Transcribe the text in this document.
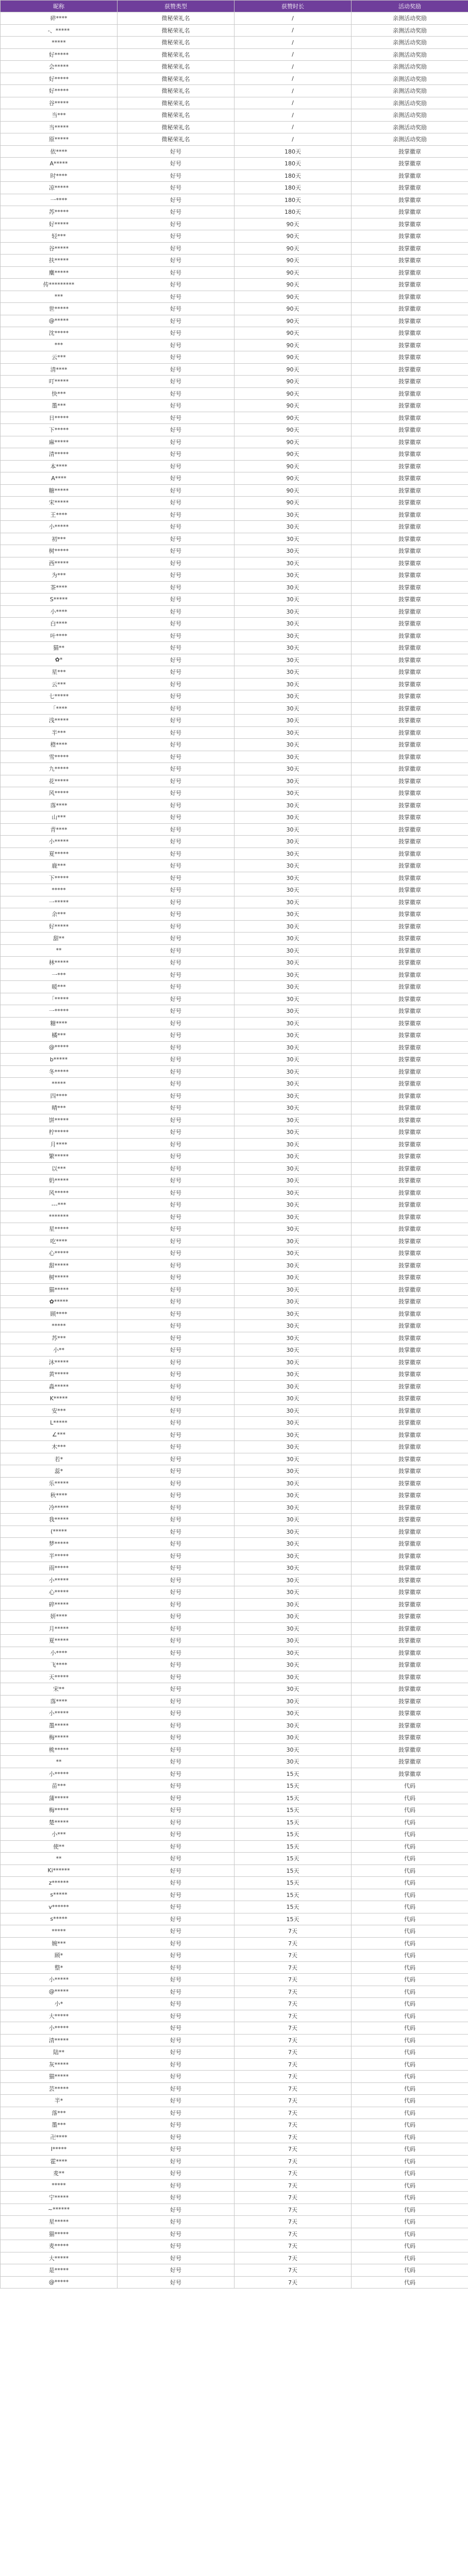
昵称	获赞类型	获赞时长	活动奖励
碎****	微秘荣礼名	/	亲测活动奖励
-、*****	微秘荣礼名	/	亲测活动奖励
*****	微秘荣礼名	/	亲测活动奖励
好*****	微秘荣礼名	/	亲测活动奖励
会*****	微秘荣礼名	/	亲测活动奖励
好*****	微秘荣礼名	/	亲测活动奖励
好*****	微秘荣礼名	/	亲测活动奖励
谷*****	微秘荣礼名	/	亲测活动奖励
当***	微秘荣礼名	/	亲测活动奖励
当*****	微秘荣礼名	/	亲测活动奖励
原*****	微秘荣礼名	/	亲测活动奖励
依****	好号	180天	鼓掌徽章
A*****	好号	180天	鼓掌徽章
时****	好号	180天	鼓掌徽章
凉*****	好号	180天	鼓掌徽章
一****	好号	180天	鼓掌徽章
苏*****	好号	180天	鼓掌徽章
好*****	好号	90天	鼓掌徽章
轻***	好号	90天	鼓掌徽章
谷*****	好号	90天	鼓掌徽章
扶*****	好号	90天	鼓掌徽章
麋*****	好号	90天	鼓掌徽章
传*********	好号	90天	鼓掌徽章
***	好号	90天	鼓掌徽章
世*****	好号	90天	鼓掌徽章
@*****	好号	90天	鼓掌徽章
沈*****	好号	90天	鼓掌徽章
***	好号	90天	鼓掌徽章
云***	好号	90天	鼓掌徽章
清****	好号	90天	鼓掌徽章
叮*****	好号	90天	鼓掌徽章
快***	好号	90天	鼓掌徽章
墨***	好号	90天	鼓掌徽章
日*****	好号	90天	鼓掌徽章
下*****	好号	90天	鼓掌徽章
麻*****	好号	90天	鼓掌徽章
清*****	好号	90天	鼓掌徽章
本****	好号	90天	鼓掌徽章
A****	好号	90天	鼓掌徽章
糖*****	好号	90天	鼓掌徽章
宋*****	好号	90天	鼓掌徽章
王****	好号	30天	鼓掌徽章
小*****	好号	30天	鼓掌徽章
初***	好号	30天	鼓掌徽章
树*****	好号	30天	鼓掌徽章
西*****	好号	30天	鼓掌徽章
为***	好号	30天	鼓掌徽章
茶****	好号	30天	鼓掌徽章
S*****	好号	30天	鼓掌徽章
小****	好号	30天	鼓掌徽章
白****	好号	30天	鼓掌徽章
叶****	好号	30天	鼓掌徽章
猫**	好号	30天	鼓掌徽章
✿*	好号	30天	鼓掌徽章
星***	好号	30天	鼓掌徽章
云***	好号	30天	鼓掌徽章
七*****	好号	30天	鼓掌徽章
「****	好号	30天	鼓掌徽章
浅*****	好号	30天	鼓掌徽章
半***	好号	30天	鼓掌徽章
橙****	好号	30天	鼓掌徽章
雪*****	好号	30天	鼓掌徽章
九*****	好号	30天	鼓掌徽章
花*****	好号	30天	鼓掌徽章
风*****	好号	30天	鼓掌徽章
落****	好号	30天	鼓掌徽章
山***	好号	30天	鼓掌徽章
青****	好号	30天	鼓掌徽章
小*****	好号	30天	鼓掌徽章
夏*****	好号	30天	鼓掌徽章
鹿***	好号	30天	鼓掌徽章
下*****	好号	30天	鼓掌徽章
*****	好号	30天	鼓掌徽章
一*****	好号	30天	鼓掌徽章
余***	好号	30天	鼓掌徽章
好*****	好号	30天	鼓掌徽章
甜**	好号	30天	鼓掌徽章
**	好号	30天	鼓掌徽章
林*****	好号	30天	鼓掌徽章
一***	好号	30天	鼓掌徽章
暖***	好号	30天	鼓掌徽章
「*****	好号	30天	鼓掌徽章
一*****	好号	30天	鼓掌徽章
糖****	好号	30天	鼓掌徽章
橘***	好号	30天	鼓掌徽章
@*****	好号	30天	鼓掌徽章
b*****	好号	30天	鼓掌徽章
冬*****	好号	30天	鼓掌徽章
*****	好号	30天	鼓掌徽章
四****	好号	30天	鼓掌徽章
晴***	好号	30天	鼓掌徽章
饼*****	好号	30天	鼓掌徽章
柠*****	好号	30天	鼓掌徽章
月****	好号	30天	鼓掌徽章
繁*****	好号	30天	鼓掌徽章
以***	好号	30天	鼓掌徽章
奶*****	好号	30天	鼓掌徽章
风*****	好号	30天	鼓掌徽章
---***	好号	30天	鼓掌徽章
*******	好号	30天	鼓掌徽章
星*****	好号	30天	鼓掌徽章
吃****	好号	30天	鼓掌徽章
心*****	好号	30天	鼓掌徽章
甜*****	好号	30天	鼓掌徽章
树*****	好号	30天	鼓掌徽章
猫*****	好号	30天	鼓掌徽章
✿*****	好号	30天	鼓掌徽章
顾****	好号	30天	鼓掌徽章
*****	好号	30天	鼓掌徽章
苏***	好号	30天	鼓掌徽章
小**	好号	30天	鼓掌徽章
沐*****	好号	30天	鼓掌徽章
黄*****	好号	30天	鼓掌徽章
淼*****	好号	30天	鼓掌徽章
K*****	好号	30天	鼓掌徽章
安***	好号	30天	鼓掌徽章
L*****	好号	30天	鼓掌徽章
∠***	好号	30天	鼓掌徽章
木***	好号	30天	鼓掌徽章
若*	好号	30天	鼓掌徽章
蕊*	好号	30天	鼓掌徽章
乐*****	好号	30天	鼓掌徽章
秋****	好号	30天	鼓掌徽章
冷*****	好号	30天	鼓掌徽章
我*****	好号	30天	鼓掌徽章
(*****	好号	30天	鼓掌徽章
梦*****	好号	30天	鼓掌徽章
半*****	好号	30天	鼓掌徽章
雨*****	好号	30天	鼓掌徽章
小*****	好号	30天	鼓掌徽章
心*****	好号	30天	鼓掌徽章
碎*****	好号	30天	鼓掌徽章
妍****	好号	30天	鼓掌徽章
月*****	好号	30天	鼓掌徽章
夏*****	好号	30天	鼓掌徽章
小****	好号	30天	鼓掌徽章
飞****	好号	30天	鼓掌徽章
天*****	好号	30天	鼓掌徽章
宋**	好号	30天	鼓掌徽章
落****	好号	30天	鼓掌徽章
小*****	好号	30天	鼓掌徽章
墨*****	好号	30天	鼓掌徽章
梅*****	好号	30天	鼓掌徽章
桃*****	好号	30天	鼓掌徽章
**	好号	30天	鼓掌徽章
小*****	好号	15天	鼓掌徽章
苗***	好号	15天	代码
蒲*****	好号	15天	代码
梅*****	好号	15天	代码
楚*****	好号	15天	代码
小***	好号	15天	代码
使**	好号	15天	代码
**	好号	15天	代码
Ki******	好号	15天	代码
z******	好号	15天	代码
s*****	好号	15天	代码
v******	好号	15天	代码
s*****	好号	15天	代码
*****	好号	7天	代码
婉***	好号	7天	代码
顾*	好号	7天	代码
整*	好号	7天	代码
小*****	好号	7天	代码
@*****	好号	7天	代码
小*	好号	7天	代码
大*****	好号	7天	代码
小*****	好号	7天	代码
清*****	好号	7天	代码
陆**	好号	7天	代码
灰*****	好号	7天	代码
猫*****	好号	7天	代码
芸*****	好号	7天	代码
半*	好号	7天	代码
落***	好号	7天	代码
墨***	好号	7天	代码
卍****	好号	7天	代码
I*****	好号	7天	代码
霍****	好号	7天	代码
麦**	好号	7天	代码
*****	好号	7天	代码
宁*****	好号	7天	代码
~******	好号	7天	代码
星*****	好号	7天	代码
猫*****	好号	7天	代码
麦*****	好号	7天	代码
大*****	好号	7天	代码
是*****	好号	7天	代码
@*****	好号	7天	代码
